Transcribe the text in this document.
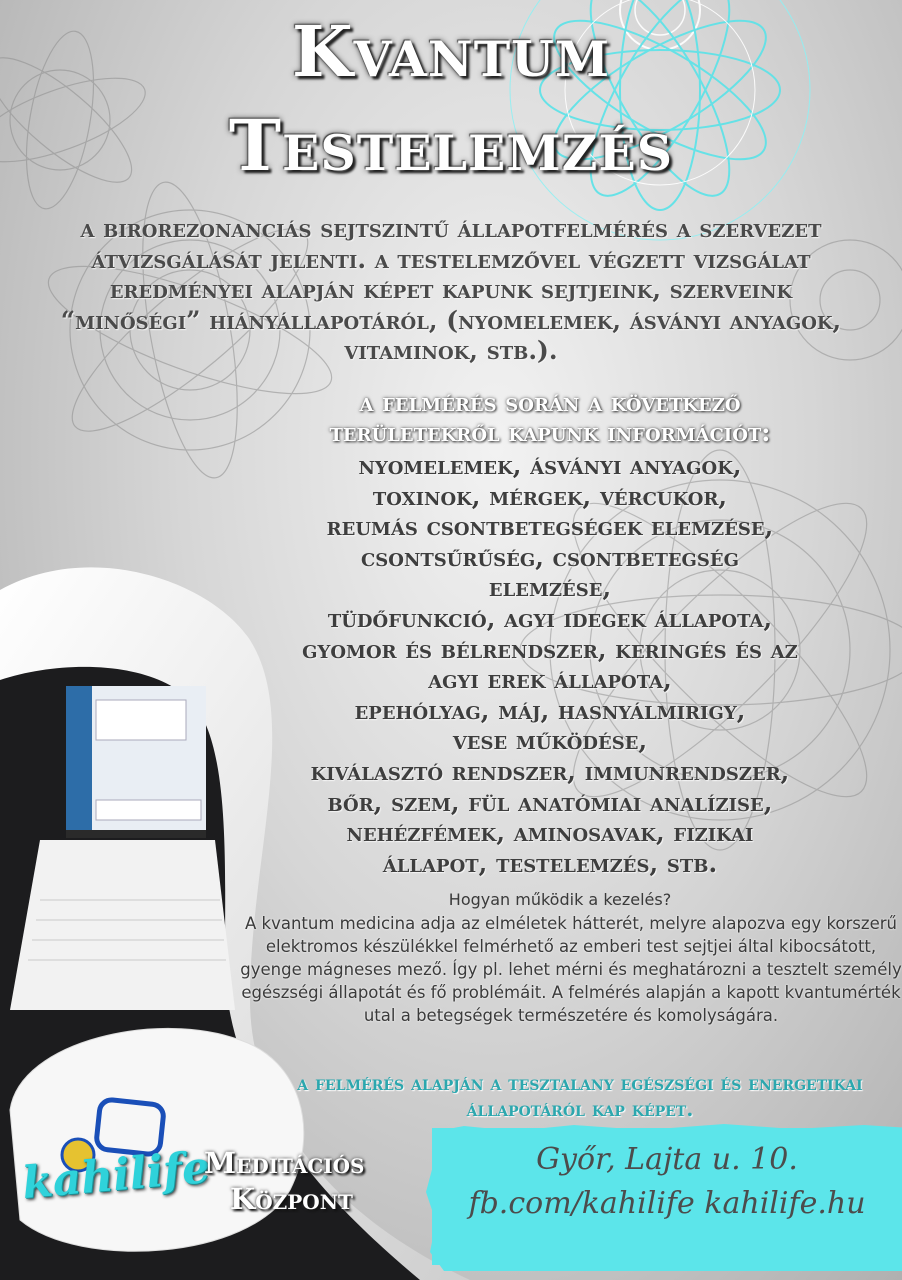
Kvantum
Testelemzés
a birorezonanciás sejtszintű állapotfelmérés a szervezet átvizsgálását jelenti. a testelemzővel végzett vizsgálat eredményei alapján képet kapunk sejtjeink, szerveink “minőségi” hiányállapotáról, (nyomelemek, ásványi anyagok, vitaminok, stb.).
a felmérés során a következő
területekről kapunk információt:
nyomelemek, ásványi anyagok,
toxinok, mérgek, vércukor,
reumás csontbetegségek elemzése,
csontsűrűség, csontbetegség
elemzése,
tüdőfunkció, agyi idegek állapota,
gyomor és bélrendszer, keringés és az
agyi erek állapota,
epehólyag, máj, hasnyálmirigy,
vese működése,
kiválasztó rendszer, immunrendszer,
bőr, szem, fül anatómiai analízise,
nehézfémek, aminosavak, fizikai
állapot, testelemzés, stb.
Hogyan működik a kezelés?
A kvantum medicina adja az elméletek hátterét, melyre alapozva egy korszerű elektromos készülékkel felmérhető az emberi test sejtjei által kibocsátott, gyenge mágneses mező. Így pl. lehet mérni és meghatározni a tesztelt személy egészségi állapotát és fő problémáit. A felmérés alapján a kapott kvantumérték utal a betegségek természetére és komolyságára.
a felmérés alapján a tesztalany egészségi és energetikai állapotáról kap képet.
Győr, Lajta u. 10.
fb.com/kahilife kahilife.hu
kahilife
Meditációs
Központ
